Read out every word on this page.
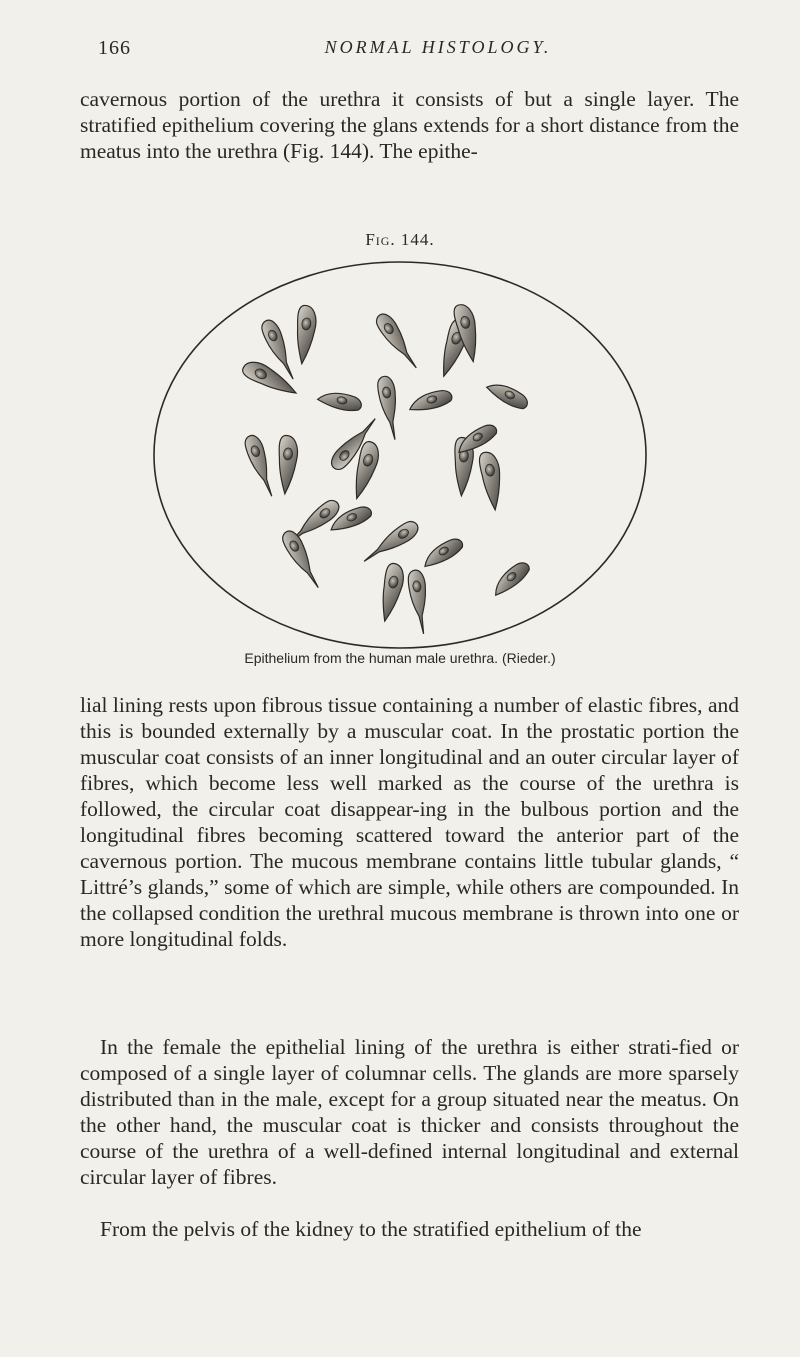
166	NORMAL HISTOLOGY.

cavernous portion of the urethra it consists of but a single layer. The stratified epithelium covering the glans extends for a short distance from the meatus into the urethra (Fig. 144). The epithe-

Fig. 144.
Epithelium from the human male urethra. (Rieder.)

lial lining rests upon fibrous tissue containing a number of elastic fibres, and this is bounded externally by a muscular coat. In the prostatic portion the muscular coat consists of an inner longitudinal and an outer circular layer of fibres, which become less well marked as the course of the urethra is followed, the circular coat disappear-ing in the bulbous portion and the longitudinal fibres becoming scattered toward the anterior part of the cavernous portion. The mucous membrane contains little tubular glands, “ Littré’s glands,” some of which are simple, while others are compounded. In the collapsed condition the urethral mucous membrane is thrown into one or more longitudinal folds.

In the female the epithelial lining of the urethra is either strati-fied or composed of a single layer of columnar cells. The glands are more sparsely distributed than in the male, except for a group situated near the meatus. On the other hand, the muscular coat is thicker and consists throughout the course of the urethra of a well-defined internal longitudinal and external circular layer of fibres.

From the pelvis of the kidney to the stratified epithelium of the
